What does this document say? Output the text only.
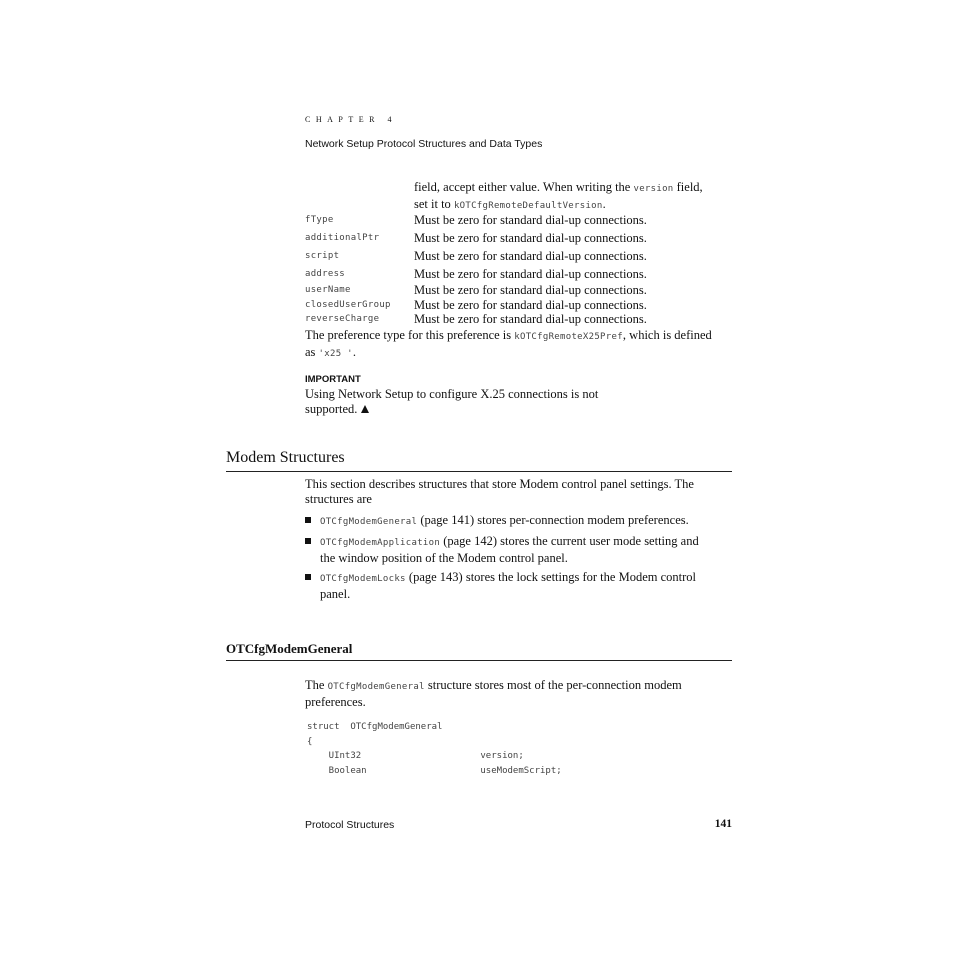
CHAPTER 4
Network Setup Protocol Structures and Data Types
field, accept either value. When writing the version field,
set it to kOTCfgRemoteDefaultVersion.
fType	Must be zero for standard dial-up connections.
additionalPtr	Must be zero for standard dial-up connections.
script	Must be zero for standard dial-up connections.
address	Must be zero for standard dial-up connections.
userName	Must be zero for standard dial-up connections.
closedUserGroup Must be zero for standard dial-up connections.
reverseCharge	Must be zero for standard dial-up connections.
The preference type for this preference is kOTCfgRemoteX25Pref, which is defined
as 'x25 '.
IMPORTANT
Using Network Setup to configure X.25 connections is not
supported.
Modem Structures
This section describes structures that store Modem control panel settings. The
structures are
OTCfgModemGeneral (page 141) stores per-connection modem preferences.
OTCfgModemApplication (page 142) stores the current user mode setting and
the window position of the Modem control panel.
OTCfgModemLocks (page 143) stores the lock settings for the Modem control
panel.
OTCfgModemGeneral
The OTCfgModemGeneral structure stores most of the per-connection modem
preferences.
struct  OTCfgModemGeneral
{
UInt32                      version;
Boolean                     useModemScript;
Protocol Structures	141
